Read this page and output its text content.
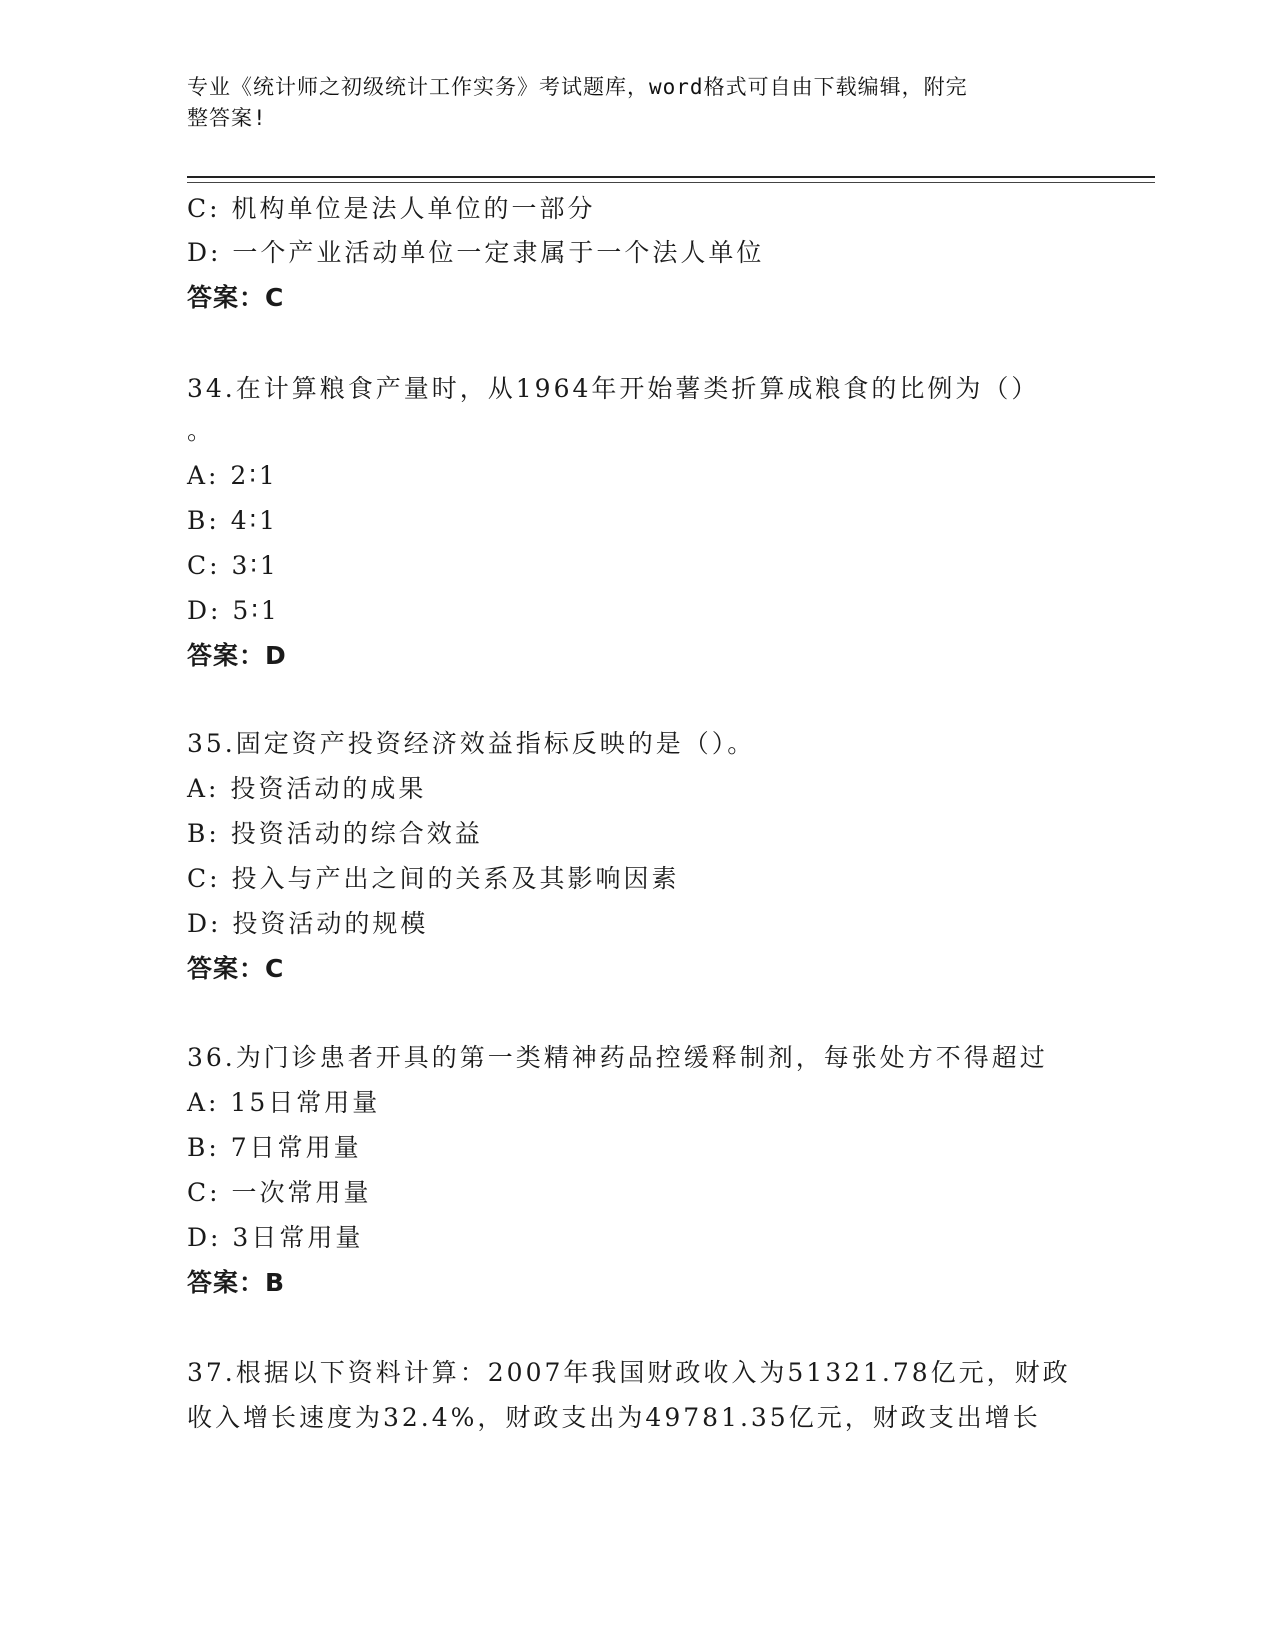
专业《统计师之初级统计工作实务》考试题库，word格式可自由下载编辑，附完
整答案!
C: 机构单位是法人单位的一部分
D: 一个产业活动单位一定隶属于一个法人单位
答案：C
34.在计算粮食产量时，从1964年开始薯类折算成粮食的比例为（）
。
A: 2∶1
B: 4∶1
C: 3∶1
D: 5∶1
答案：D
35.固定资产投资经济效益指标反映的是（）。
A: 投资活动的成果
B: 投资活动的综合效益
C: 投入与产出之间的关系及其影响因素
D: 投资活动的规模
答案：C
36.为门诊患者开具的第一类精神药品控缓释制剂，每张处方不得超过
A: 15日常用量
B: 7日常用量
C: 一次常用量
D: 3日常用量
答案：B
37.根据以下资料计算：2007年我国财政收入为51321.78亿元，财政
收入增长速度为32.4%，财政支出为49781.35亿元，财政支出增长
